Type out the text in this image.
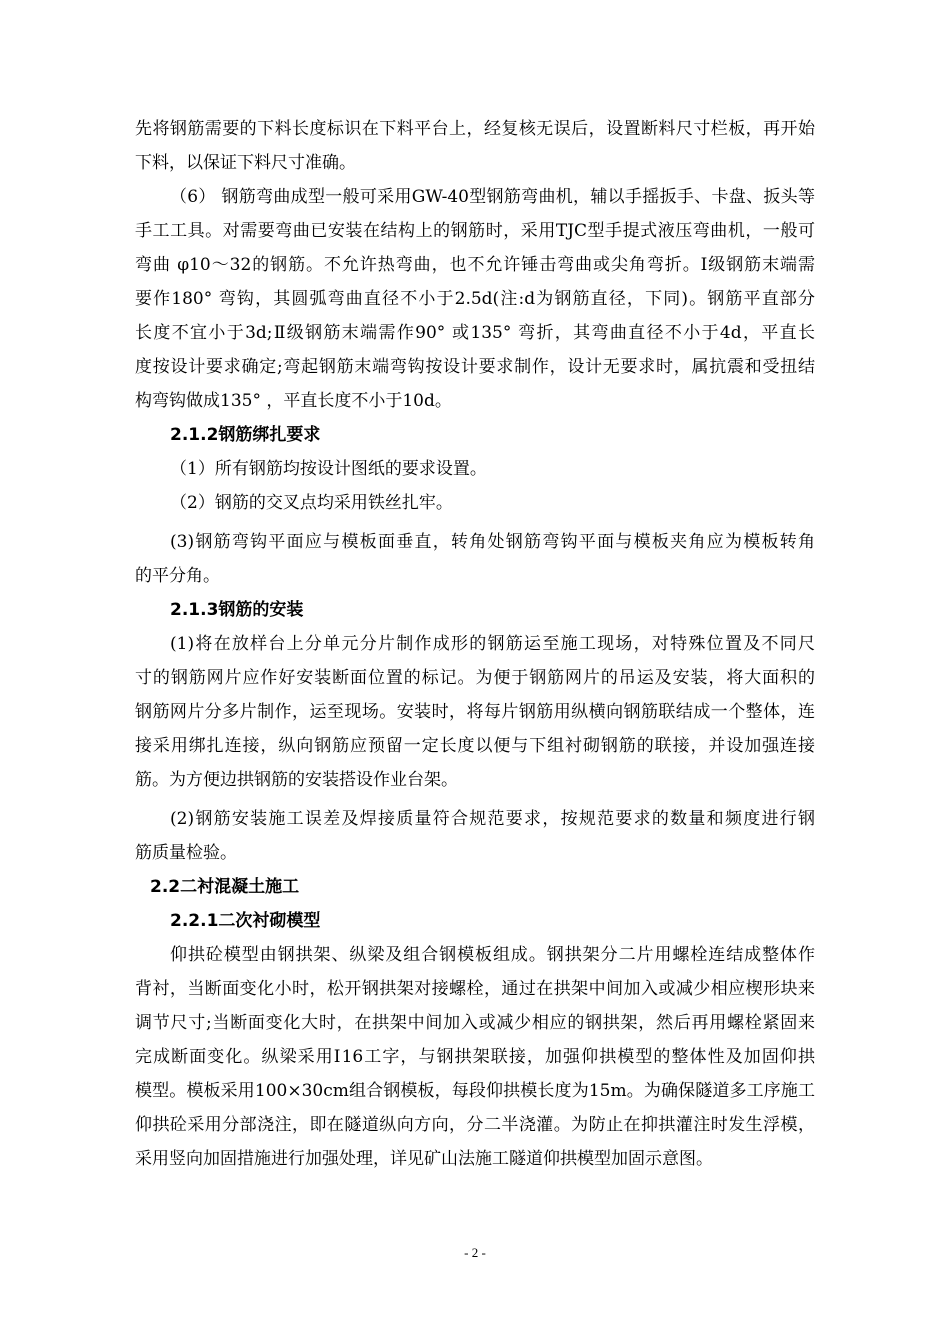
先将钢筋需要的下料长度标识在下料平台上，经复核无误后，设置断料尺寸栏板，再开始
下料，以保证下料尺寸准确。
（6） 钢筋弯曲成型一般可采用GW-40型钢筋弯曲机，辅以手摇扳手、卡盘、扳头等
手工工具。对需要弯曲已安装在结构上的钢筋时，采用TJC型手提式液压弯曲机，一般可
弯曲 φ10～32的钢筋。不允许热弯曲，也不允许锤击弯曲或尖角弯折。Ⅰ级钢筋末端需
要作180° 弯钩，其圆弧弯曲直径不小于2.5d(注:d为钢筋直径，下同)。钢筋平直部分
长度不宜小于3d;Ⅱ级钢筋末端需作90° 或135° 弯折，其弯曲直径不小于4d，平直长
度按设计要求确定;弯起钢筋末端弯钩按设计要求制作，设计无要求时，属抗震和受扭结
构弯钩做成135° ，平直长度不小于10d。
2.1.2钢筋绑扎要求
（1）所有钢筋均按设计图纸的要求设置。
（2）钢筋的交叉点均采用铁丝扎牢。
(3)钢筋弯钩平面应与模板面垂直，转角处钢筋弯钩平面与模板夹角应为模板转角
的平分角。
2.1.3钢筋的安装
(1)将在放样台上分单元分片制作成形的钢筋运至施工现场，对特殊位置及不同尺
寸的钢筋网片应作好安装断面位置的标记。为便于钢筋网片的吊运及安装，将大面积的
钢筋网片分多片制作，运至现场。安装时，将每片钢筋用纵横向钢筋联结成一个整体，连
接采用绑扎连接，纵向钢筋应预留一定长度以便与下组衬砌钢筋的联接，并设加强连接
筋。为方便边拱钢筋的安装搭设作业台架。
(2)钢筋安装施工误差及焊接质量符合规范要求，按规范要求的数量和频度进行钢
筋质量检验。
2.2二衬混凝土施工
2.2.1二次衬砌模型
仰拱砼模型由钢拱架、纵梁及组合钢模板组成。钢拱架分二片用螺栓连结成整体作
背衬，当断面变化小时，松开钢拱架对接螺栓，通过在拱架中间加入或减少相应楔形块来
调节尺寸;当断面变化大时，在拱架中间加入或减少相应的钢拱架，然后再用螺栓紧固来
完成断面变化。纵梁采用Ⅰ16工字，与钢拱架联接，加强仰拱模型的整体性及加固仰拱
模型。模板采用100×30cm组合钢模板，每段仰拱模长度为15m。为确保隧道多工序施工
仰拱砼采用分部浇注，即在隧道纵向方向，分二半浇灌。为防止在抑拱灌注时发生浮模，
采用竖向加固措施进行加强处理，详见矿山法施工隧道仰拱模型加固示意图。
- 2 -
